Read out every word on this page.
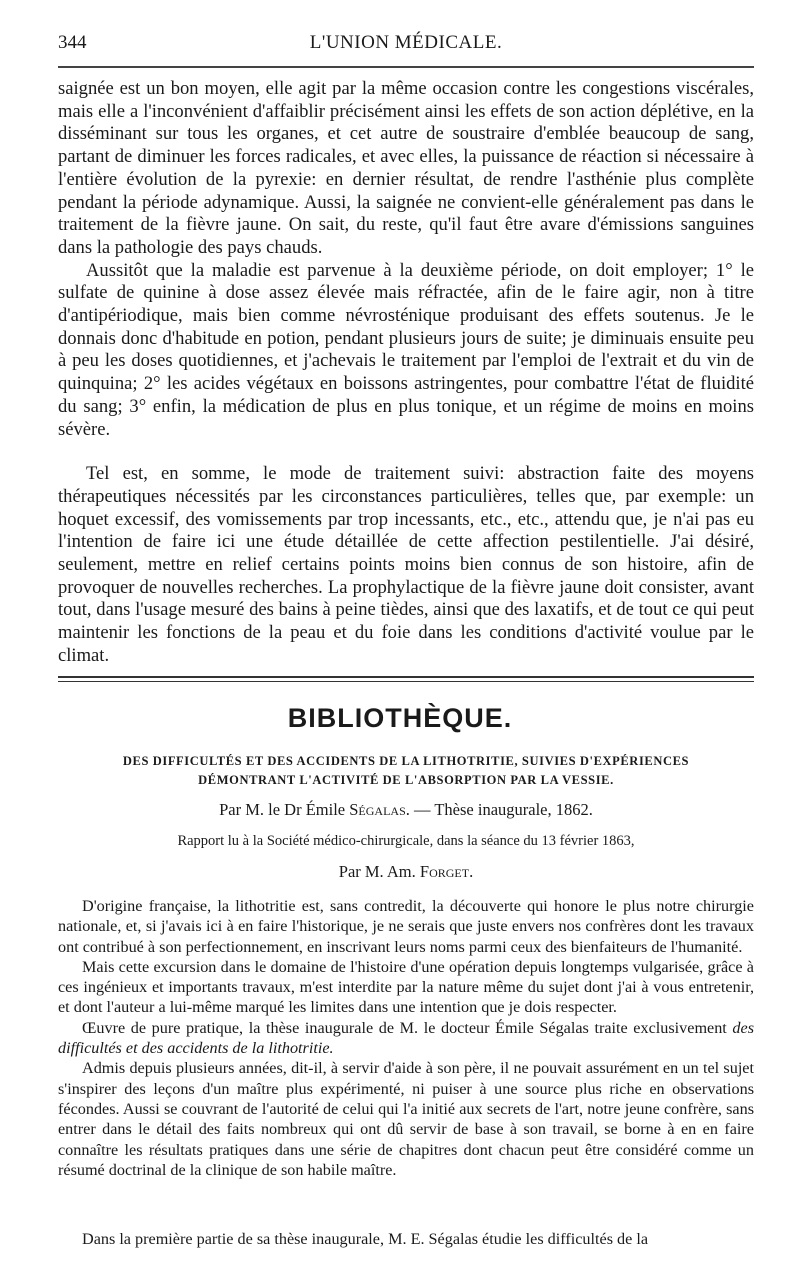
344	L'UNION MÉDICALE.

saignée est un bon moyen, elle agit par la même occasion contre les congestions viscérales, mais elle a l'inconvénient d'affaiblir précisément ainsi les effets de son action déplétive, en la disséminant sur tous les organes, et cet autre de soustraire d'emblée beaucoup de sang, partant de diminuer les forces radicales, et avec elles, la puissance de réaction si nécessaire à l'entière évolution de la pyrexie: en dernier résultat, de rendre l'asthénie plus complète pendant la période adynamique. Aussi, la saignée ne convient-elle généralement pas dans le traitement de la fièvre jaune. On sait, du reste, qu'il faut être avare d'émissions sanguines dans la pathologie des pays chauds.

Aussitôt que la maladie est parvenue à la deuxième période, on doit employer; 1° le sulfate de quinine à dose assez élevée mais réfractée, afin de le faire agir, non à titre d'antipériodique, mais bien comme névrosténique produisant des effets soutenus. Je le donnais donc d'habitude en potion, pendant plusieurs jours de suite; je diminuais ensuite peu à peu les doses quotidiennes, et j'achevais le traitement par l'emploi de l'extrait et du vin de quinquina; 2° les acides végétaux en boissons astringentes, pour combattre l'état de fluidité du sang; 3° enfin, la médication de plus en plus tonique, et un régime de moins en moins sévère.

Tel est, en somme, le mode de traitement suivi: abstraction faite des moyens thérapeutiques nécessités par les circonstances particulières, telles que, par exemple: un hoquet excessif, des vomissements par trop incessants, etc., etc., attendu que, je n'ai pas eu l'intention de faire ici une étude détaillée de cette affection pestilentielle. J'ai désiré, seulement, mettre en relief certains points moins bien connus de son histoire, afin de provoquer de nouvelles recherches. La prophylactique de la fièvre jaune doit consister, avant tout, dans l'usage mesuré des bains à peine tièdes, ainsi que des laxatifs, et de tout ce qui peut maintenir les fonctions de la peau et du foie dans les conditions d'activité voulue par le climat.

BIBLIOTHÈQUE.
DES DIFFICULTÉS ET DES ACCIDENTS DE LA LITHOTRITIE, SUIVIES D'EXPÉRIENCES
DÉMONTRANT L'ACTIVITÉ DE L'ABSORPTION PAR LA VESSIE.
Par M. le Dr Émile Ségalas. — Thèse inaugurale, 1862.
Rapport lu à la Société médico-chirurgicale, dans la séance du 13 février 1863,
Par M. Am. Forget.

D'origine française, la lithotritie est, sans contredit, la découverte qui honore le plus notre chirurgie nationale, et, si j'avais ici à en faire l'historique, je ne serais que juste envers nos confrères dont les travaux ont contribué à son perfectionnement, en inscrivant leurs noms parmi ceux des bienfaiteurs de l'humanité.

Mais cette excursion dans le domaine de l'histoire d'une opération depuis longtemps vulgarisée, grâce à ces ingénieux et importants travaux, m'est interdite par la nature même du sujet dont j'ai à vous entretenir, et dont l'auteur a lui-même marqué les limites dans une intention que je dois respecter.

Œuvre de pure pratique, la thèse inaugurale de M. le docteur Émile Ségalas traite exclusivement des difficultés et des accidents de la lithotritie.

Admis depuis plusieurs années, dit-il, à servir d'aide à son père, il ne pouvait assurément en un tel sujet s'inspirer des leçons d'un maître plus expérimenté, ni puiser à une source plus riche en observations fécondes. Aussi se couvrant de l'autorité de celui qui l'a initié aux secrets de l'art, notre jeune confrère, sans entrer dans le détail des faits nombreux qui ont dû servir de base à son travail, se borne à en en faire connaître les résultats pratiques dans une série de chapitres dont chacun peut être considéré comme un résumé doctrinal de la clinique de son habile maître.

Dans la première partie de sa thèse inaugurale, M. E. Ségalas étudie les difficultés de la
